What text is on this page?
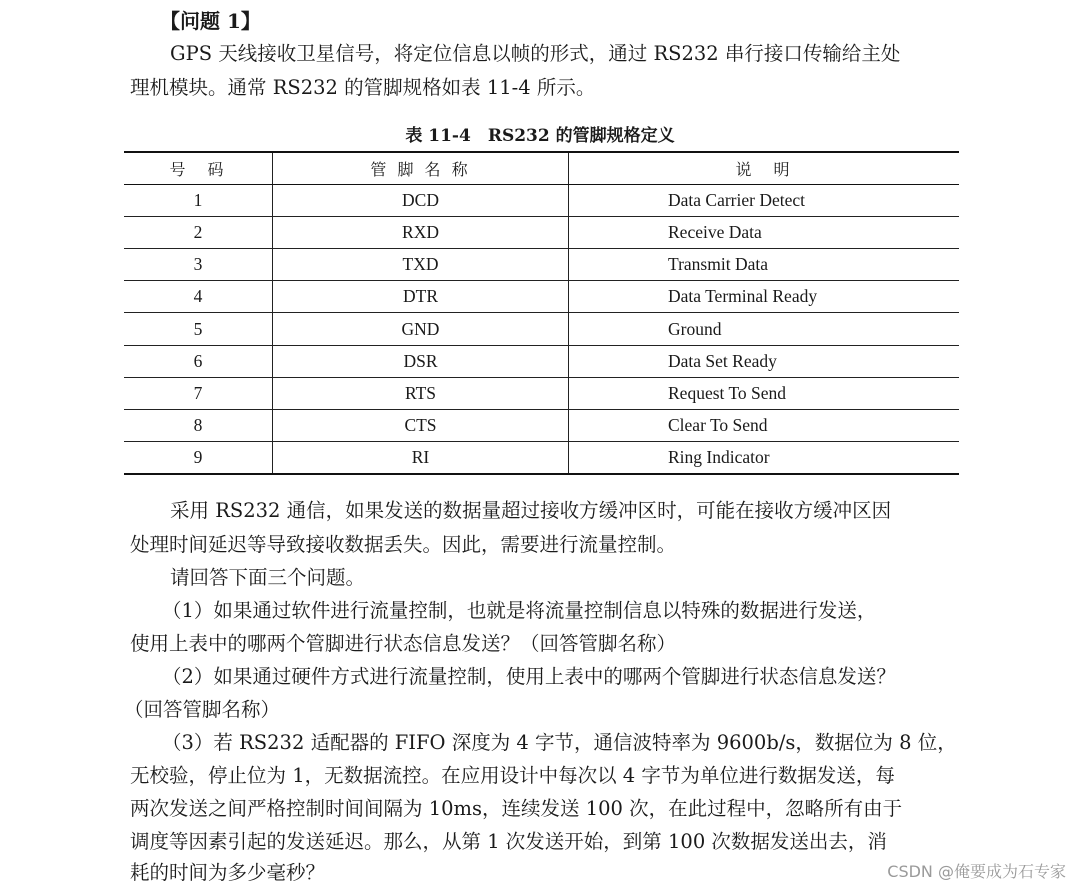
【问题 1】
GPS 天线接收卫星信号，将定位信息以帧的形式，通过 RS232 串行接口传输给主处
理机模块。通常 RS232 的管脚规格如表 11-4 所示。
表 11-4　RS232 的管脚规格定义
号　码	管 脚 名 称	说　明
1	DCD	Data Carrier Detect
2	RXD	Receive Data
3	TXD	Transmit Data
4	DTR	Data Terminal Ready
5	GND	Ground
6	DSR	Data Set Ready
7	RTS	Request To Send
8	CTS	Clear To Send
9	RI	Ring Indicator
采用 RS232 通信，如果发送的数据量超过接收方缓冲区时，可能在接收方缓冲区因
处理时间延迟等导致接收数据丢失。因此，需要进行流量控制。
请回答下面三个问题。
（1）如果通过软件进行流量控制，也就是将流量控制信息以特殊的数据进行发送，
使用上表中的哪两个管脚进行状态信息发送？（回答管脚名称）
（2）如果通过硬件方式进行流量控制，使用上表中的哪两个管脚进行状态信息发送？
（回答管脚名称）
（3）若 RS232 适配器的 FIFO 深度为 4 字节，通信波特率为 9600b/s，数据位为 8 位，
无校验，停止位为 1，无数据流控。在应用设计中每次以 4 字节为单位进行数据发送，每
两次发送之间严格控制时间间隔为 10ms，连续发送 100 次，在此过程中，忽略所有由于
调度等因素引起的发送延迟。那么，从第 1 次发送开始，到第 100 次数据发送出去，消
耗的时间为多少毫秒？	CSDN @俺要成为石专家
